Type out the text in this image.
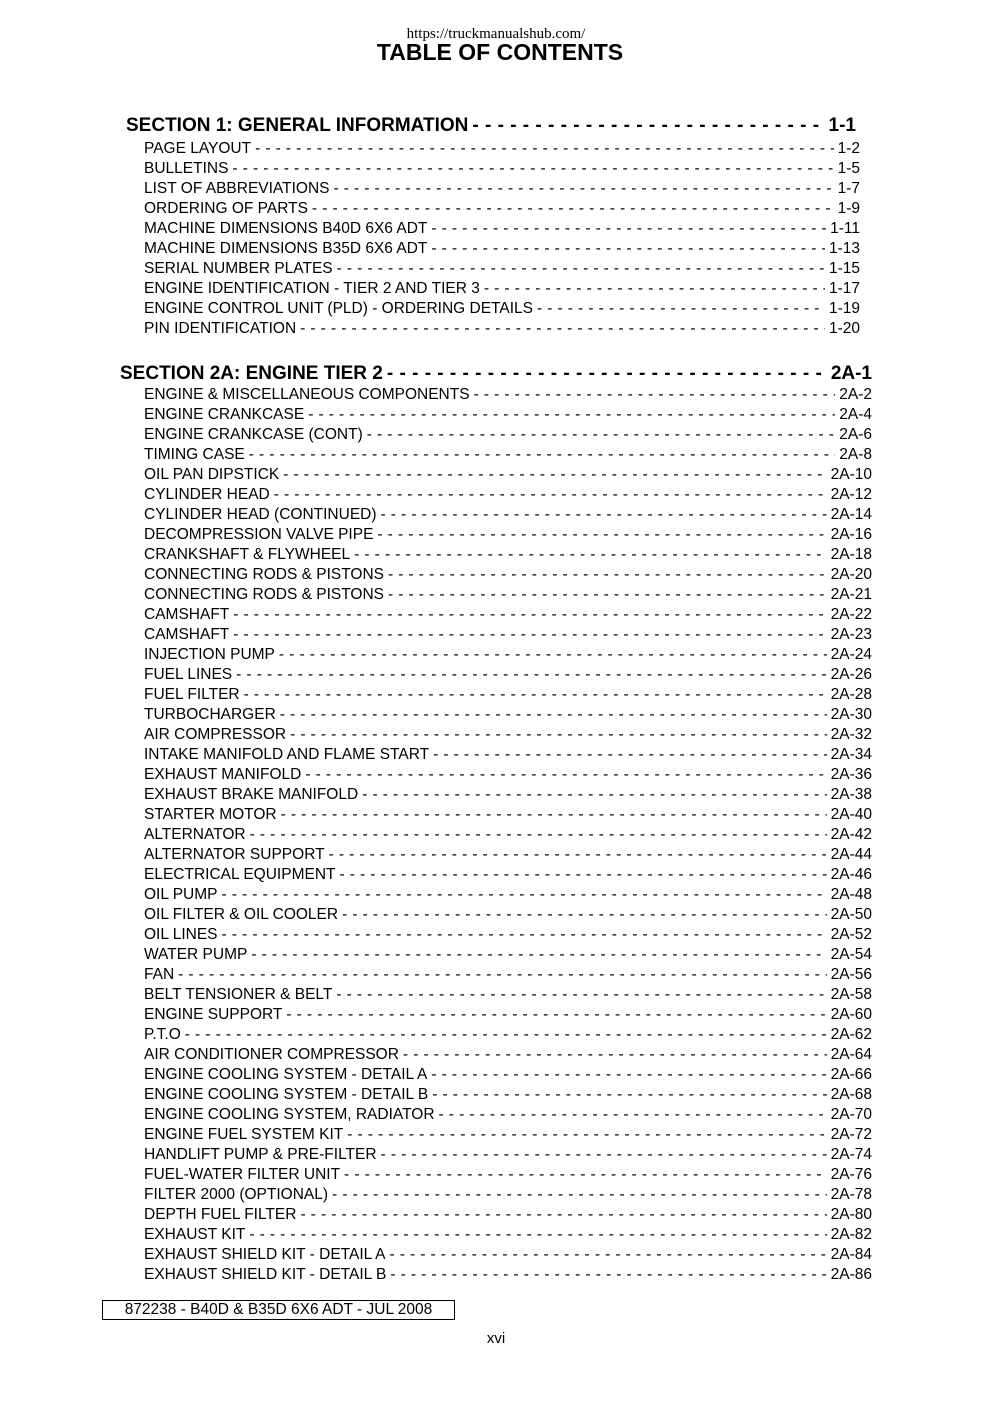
https://truckmanualshub.com/
TABLE OF CONTENTS
SECTION 1: GENERAL INFORMATION - - -	1-1
PAGE LAYOUT - - -	1-2
BULLETINS - - -	1-5
LIST OF ABBREVIATIONS - - -	1-7
ORDERING OF PARTS - - -	1-9
MACHINE DIMENSIONS B40D 6X6 ADT - - -	1-11
MACHINE DIMENSIONS B35D 6X6 ADT - - -	1-13
SERIAL NUMBER PLATES - - -	1-15
ENGINE IDENTIFICATION - TIER 2 AND TIER 3 - - -	1-17
ENGINE CONTROL UNIT (PLD) - ORDERING DETAILS - - -	1-19
PIN IDENTIFICATION - - -	1-20
SECTION 2A: ENGINE TIER 2 - - -	2A-1
ENGINE & MISCELLANEOUS COMPONENTS - - -	2A-2
ENGINE CRANKCASE - - -	2A-4
ENGINE CRANKCASE (CONT) - - -	2A-6
TIMING CASE - - -	2A-8
OIL PAN DIPSTICK - - -	2A-10
CYLINDER HEAD - - -	2A-12
CYLINDER HEAD (CONTINUED) - - -	2A-14
DECOMPRESSION VALVE PIPE - - -	2A-16
CRANKSHAFT & FLYWHEEL - - -	2A-18
CONNECTING RODS & PISTONS - - -	2A-20
CONNECTING RODS & PISTONS - - -	2A-21
CAMSHAFT - - -	2A-22
CAMSHAFT - - -	2A-23
INJECTION PUMP - - -	2A-24
FUEL LINES - - -	2A-26
FUEL FILTER - - -	2A-28
TURBOCHARGER - - -	2A-30
AIR COMPRESSOR - - -	2A-32
INTAKE MANIFOLD AND FLAME START - - -	2A-34
EXHAUST MANIFOLD - - -	2A-36
EXHAUST BRAKE MANIFOLD - - -	2A-38
STARTER MOTOR - - -	2A-40
ALTERNATOR - - -	2A-42
ALTERNATOR SUPPORT - - -	2A-44
ELECTRICAL EQUIPMENT - - -	2A-46
OIL PUMP - - -	2A-48
OIL FILTER & OIL COOLER - - -	2A-50
OIL LINES - - -	2A-52
WATER PUMP - - -	2A-54
FAN - - -	2A-56
BELT TENSIONER & BELT - - -	2A-58
ENGINE SUPPORT - - -	2A-60
P.T.O - - -	2A-62
AIR CONDITIONER COMPRESSOR - - -	2A-64
ENGINE COOLING SYSTEM - DETAIL A - - -	2A-66
ENGINE COOLING SYSTEM - DETAIL B - - -	2A-68
ENGINE COOLING SYSTEM, RADIATOR - - -	2A-70
ENGINE FUEL SYSTEM KIT - - -	2A-72
HANDLIFT PUMP & PRE-FILTER - - -	2A-74
FUEL-WATER FILTER UNIT - - -	2A-76
FILTER 2000 (OPTIONAL) - - -	2A-78
DEPTH FUEL FILTER - - -	2A-80
EXHAUST KIT - - -	2A-82
EXHAUST SHIELD KIT - DETAIL A - - -	2A-84
EXHAUST SHIELD KIT - DETAIL B - - -	2A-86
872238 - B40D & B35D 6X6 ADT - JUL 2008
xvi
